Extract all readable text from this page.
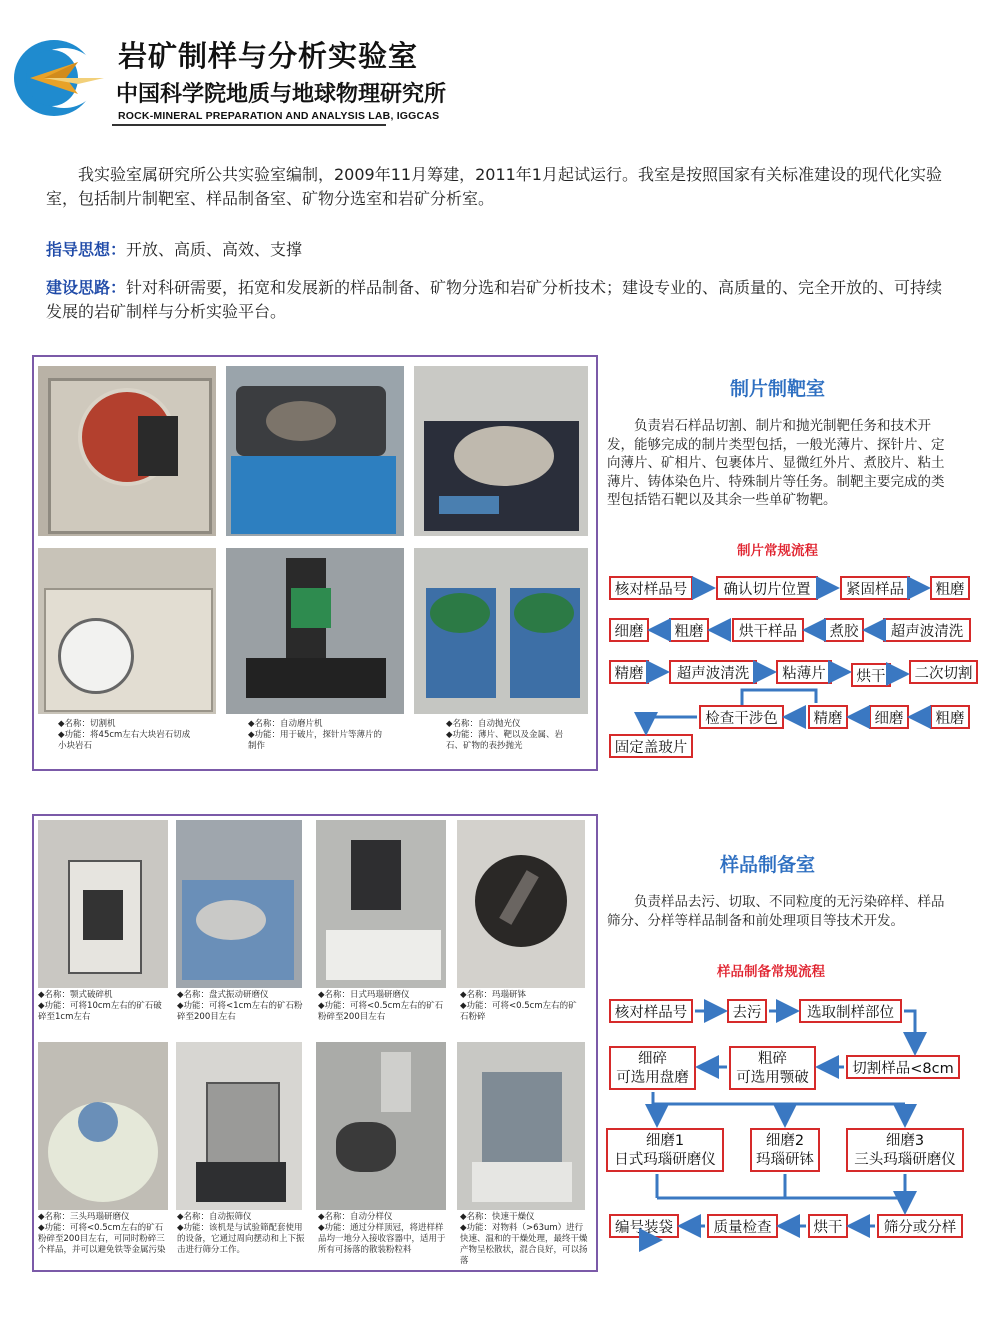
岩矿制样与分析实验室
中国科学院地质与地球物理研究所
ROCK-MINERAL PREPARATION AND ANALYSIS LAB, IGGCAS
我实验室属研究所公共实验室编制，2009年11月筹建，2011年1月起试运行。我室是按照国家有关标准建设的现代化实验室，包括制片制靶室、样品制备室、矿物分选室和岩矿分析室。
指导思想：开放、高质、高效、支撑
建设思路：针对科研需要，拓宽和发展新的样品制备、矿物分选和岩矿分析技术；建设专业的、高质量的、完全开放的、可持续发展的岩矿制样与分析实验平台。
◆名称：切割机
◆功能：将45cm左右大块岩石切成小块岩石
◆名称：自动磨片机
◆功能：用于破片，探针片等薄片的制作
◆名称：自动抛光仪
◆功能：薄片、靶以及金属、岩石、矿物的表抄抛光
制片制靶室
负责岩石样品切割、制片和抛光制靶任务和技术开发，能够完成的制片类型包括，一般光薄片、探针片、定向薄片、矿相片、包裹体片、显微红外片、煮胶片、粘土薄片、铸体染色片、特殊制片等任务。制靶主要完成的类型包括锆石靶以及其余一些单矿物靶。
制片常规流程
核对样品号	确认切片位置	紧固样品	粗磨
超声波清洗
煮胶
烘干样品
粗磨
细磨
精磨	超声波清洗	粘薄片	烘干	二次切割
粗磨
细磨
精磨
检查干涉色
固定盖玻片
◆名称：颚式破碎机
◆功能：可将10cm左右的矿石破碎至1cm左右
◆名称：盘式振动研磨仪
◆功能：可将<1cm左右的矿石粉碎至200目左右
◆名称：日式玛瑙研磨仪
◆功能：可将<0.5cm左右的矿石粉碎至200目左右
◆名称：玛瑙研钵
◆功能：可将<0.5cm左右的矿石粉碎
◆名称：三头玛瑙研磨仪
◆功能：可将<0.5cm左右的矿石粉碎至200目左右，可同时粉碎三个样品，并可以避免铁等金属污染
◆名称：自动振筛仪
◆功能：该机是与试验筛配套使用的设备，它通过周向摆动和上下振击进行筛分工作。
◆名称：自动分样仪
◆功能：通过分样顶冠，将进样样品均一地分入接收容器中，适用于所有可扬落的散装粉粒料
◆名称：快速干燥仪
◆功能：对物料（>63um）进行快速、温和的干燥处理，最终干燥产物呈松散状，混合良好，可以扬落
样品制备室
负责样品去污、切取、不同粒度的无污染碎样、样品筛分、分样等样品制备和前处理项目等技术开发。
样品制备常规流程
核对样品号	去污	选取制样部位
切割样品<8cm
粗碎
可选用颚破
细碎
可选用盘磨
细磨1
日式玛瑙研磨仪
细磨2
玛瑙研钵
细磨3
三头玛瑙研磨仪
筛分或分样
烘干
质量检查
编号装袋
